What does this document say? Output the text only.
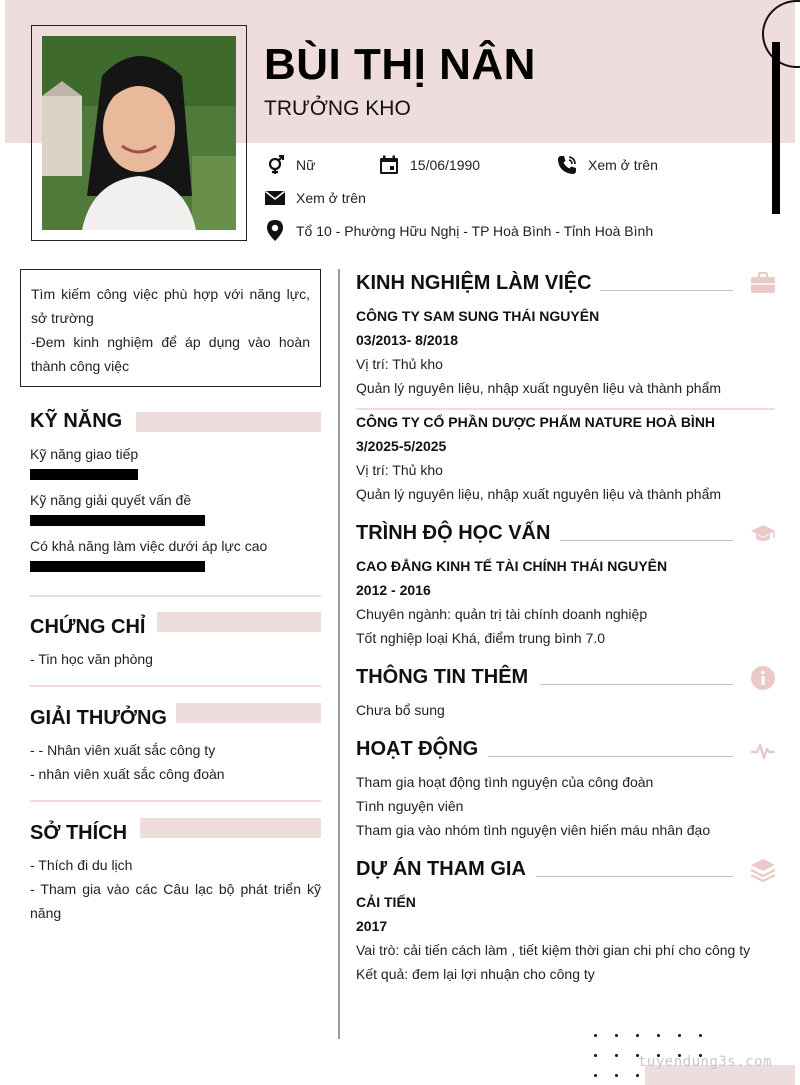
BÙI THỊ NÂN
TRƯỞNG KHO
Nữ	15/06/1990	Xem ở trên
Xem ở trên
Tổ 10 - Phường Hữu Nghị - TP Hoà Bình - Tỉnh Hoà Bình
Tìm kiếm công việc phù hợp với năng lực, sở trường
-Đem kinh nghiệm để áp dụng vào hoàn thành công việc
KỸ NĂNG
Kỹ năng giao tiếp
Kỹ năng giải quyết vấn đề
Có khả năng làm việc dưới áp lực cao
CHỨNG CHỈ
- Tin học văn phòng
GIẢI THƯỞNG
- - Nhân viên xuất sắc công ty
- nhân viên xuất sắc công đoàn
SỞ THÍCH
- Thích đi du lịch
- Tham gia vào các Câu lạc bộ phát triển kỹ năng
KINH NGHIỆM LÀM VIỆC
CÔNG TY SAM SUNG THÁI NGUYÊN
03/2013- 8/2018
Vị trí: Thủ kho
Quản lý nguyên liệu, nhập xuất nguyên liệu và thành phẩm
CÔNG TY CỔ PHẦN DƯỢC PHẨM NATURE HOÀ BÌNH
3/2025-5/2025
Vị trí: Thủ kho
Quản lý nguyên liệu, nhập xuất nguyên liệu và thành phẩm
TRÌNH ĐỘ HỌC VẤN
CAO ĐẲNG KINH TẾ TÀI CHÍNH THÁI NGUYÊN
2012 - 2016
Chuyên ngành: quản trị tài chính doanh nghiệp
Tốt nghiệp loại Khá, điểm trung bình 7.0
THÔNG TIN THÊM
Chưa bổ sung
HOẠT ĐỘNG
Tham gia hoạt động tình nguyện của công đoàn
Tình nguyện viên
Tham gia vào nhóm tình nguyện viên hiến máu nhân đạo
DỰ ÁN THAM GIA
CẢI TIẾN
2017
Vai trò: cải tiến cách làm , tiết kiệm thời gian chi phí cho công ty
Kết quả: đem lại lợi nhuận cho công ty
tuyendung3s.com
